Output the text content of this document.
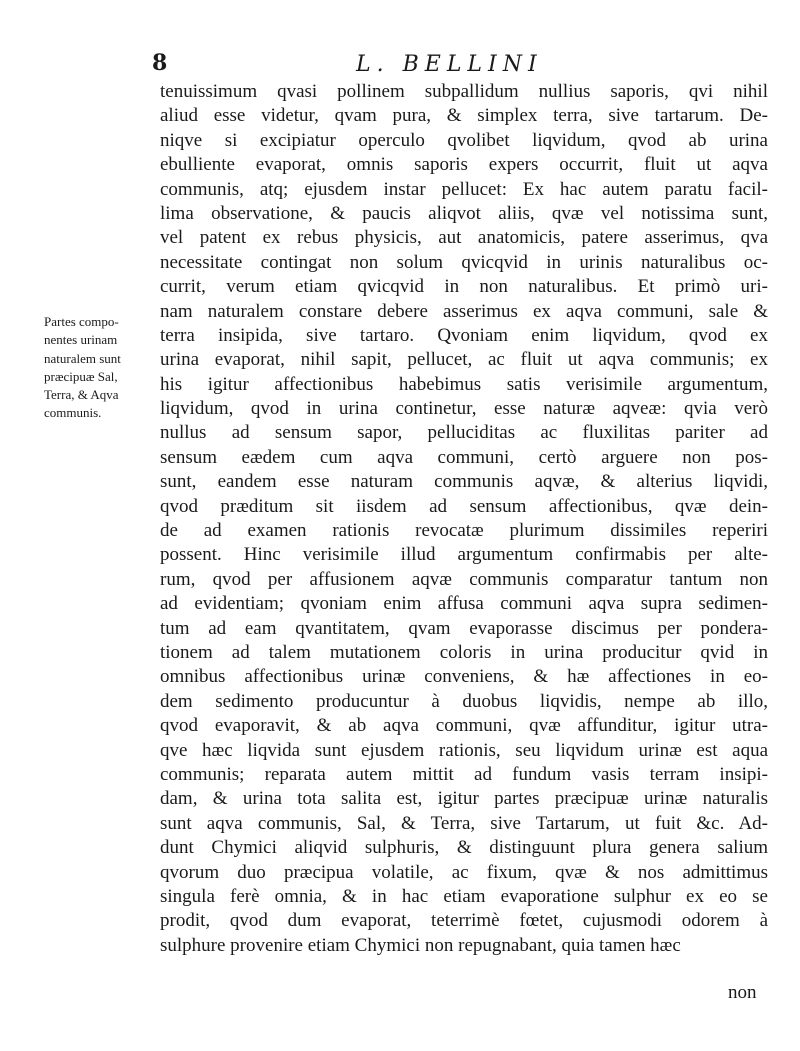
8	L. BELLINI
Partes compo-
nentes urinam
naturalem sunt
præcipuæ Sal,
Terra, & Aqva
communis.
tenuissimum qvasi pollinem subpallidum nullius saporis, qvi nihil
aliud esse videtur, qvam pura, & simplex terra, sive tartarum. De-
niqve si excipiatur operculo qvolibet liqvidum, qvod ab urina
ebulliente evaporat, omnis saporis expers occurrit, fluit ut aqva
communis, atq; ejusdem instar pellucet: Ex hac autem paratu facil-
lima observatione, & paucis aliqvot aliis, qvæ vel notissima sunt,
vel patent ex rebus physicis, aut anatomicis, patere asserimus, qva
necessitate contingat non solum qvicqvid in urinis naturalibus oc-
currit, verum etiam qvicqvid in non naturalibus. Et primò uri-
nam naturalem constare debere asserimus ex aqva communi, sale &
terra insipida, sive tartaro. Qvoniam enim liqvidum, qvod ex
urina evaporat, nihil sapit, pellucet, ac fluit ut aqva communis; ex
his igitur affectionibus habebimus satis verisimile argumentum,
liqvidum, qvod in urina continetur, esse naturæ aqveæ: qvia verò
nullus ad sensum sapor, pelluciditas ac fluxilitas pariter ad
sensum eædem cum aqva communi, certò arguere non pos-
sunt, eandem esse naturam communis aqvæ, & alterius liqvidi,
qvod præditum sit iisdem ad sensum affectionibus, qvæ dein-
de ad examen rationis revocatæ plurimum dissimiles reperiri
possent. Hinc verisimile illud argumentum confirmabis per alte-
rum, qvod per affusionem aqvæ communis comparatur tantum non
ad evidentiam; qvoniam enim affusa communi aqva supra sedimen-
tum ad eam qvantitatem, qvam evaporasse discimus per pondera-
tionem ad talem mutationem coloris in urina producitur qvid in
omnibus affectionibus urinæ conveniens, & hæ affectiones in eo-
dem sedimento producuntur à duobus liqvidis, nempe ab illo,
qvod evaporavit, & ab aqva communi, qvæ affunditur, igitur utra-
qve hæc liqvida sunt ejusdem rationis, seu liqvidum urinæ est aqua
communis; reparata autem mittit ad fundum vasis terram insipi-
dam, & urina tota salita est, igitur partes præcipuæ urinæ naturalis
sunt aqva communis, Sal, & Terra, sive Tartarum, ut fuit &c. Ad-
dunt Chymici aliqvid sulphuris, & distinguunt plura genera salium
qvorum duo præcipua volatile, ac fixum, qvæ & nos admittimus
singula ferè omnia, & in hac etiam evaporatione sulphur ex eo se
prodit, qvod dum evaporat, teterrimè fœtet, cujusmodi odorem à
sulphure provenire etiam Chymici non repugnabant, quia tamen hæc
non
